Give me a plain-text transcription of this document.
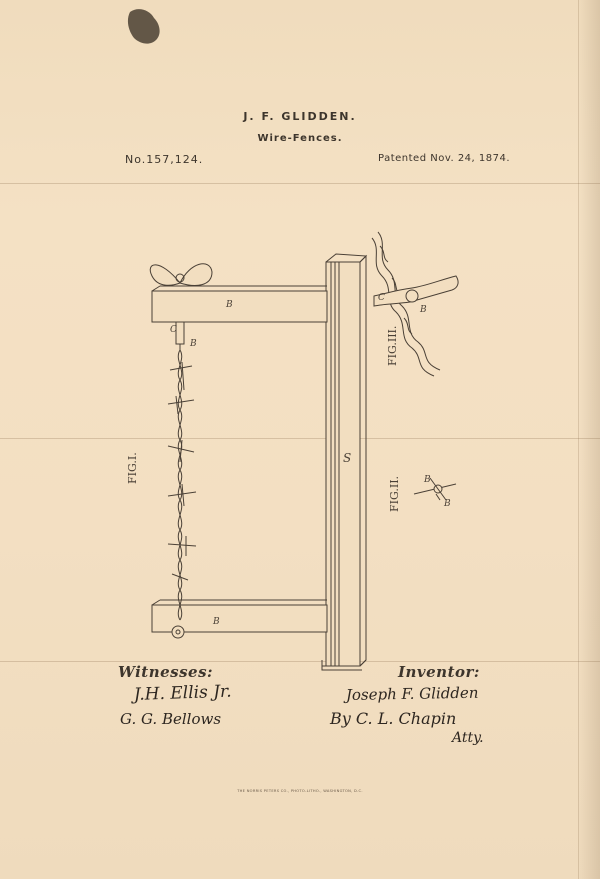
J. F. GLIDDEN.
Wire-Fences.
No.157,124.	Patented Nov. 24, 1874.
FIG.I.
FIG.II.
FIG.III.
B
B
S
C
B
C
B
B
B
J.H. Ellis Jr.
G. G. Bellows
Joseph F. Glidden
By C. L. Chapin
Atty.
Witnesses:	Inventor:
THE NORRIS PETERS CO., PHOTO-LITHO., WASHINGTON, D.C.
